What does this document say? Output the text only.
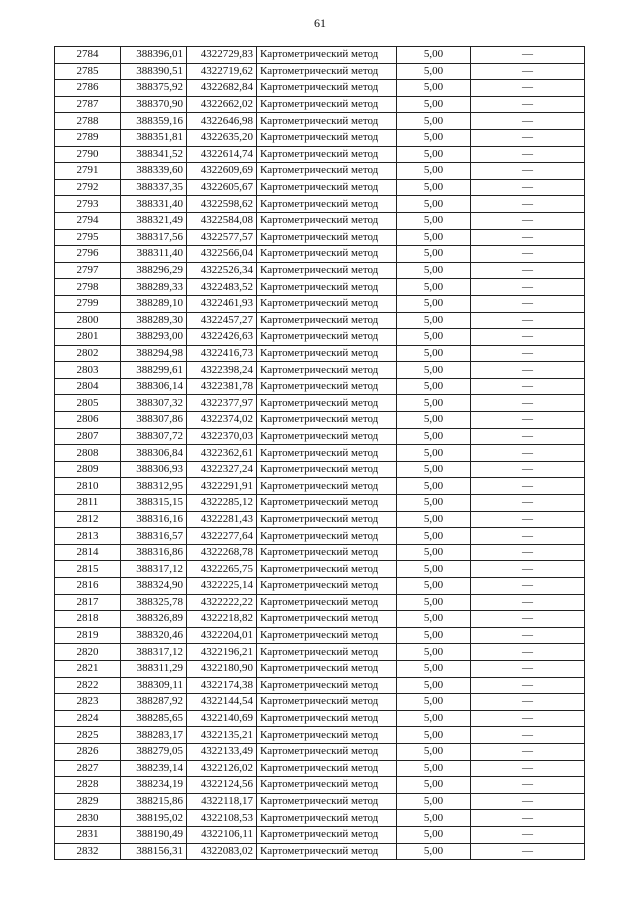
61
2784	388396,01	4322729,83	Картометрический метод	5,00	—
2785	388390,51	4322719,62	Картометрический метод	5,00	—
2786	388375,92	4322682,84	Картометрический метод	5,00	—
2787	388370,90	4322662,02	Картометрический метод	5,00	—
2788	388359,16	4322646,98	Картометрический метод	5,00	—
2789	388351,81	4322635,20	Картометрический метод	5,00	—
2790	388341,52	4322614,74	Картометрический метод	5,00	—
2791	388339,60	4322609,69	Картометрический метод	5,00	—
2792	388337,35	4322605,67	Картометрический метод	5,00	—
2793	388331,40	4322598,62	Картометрический метод	5,00	—
2794	388321,49	4322584,08	Картометрический метод	5,00	—
2795	388317,56	4322577,57	Картометрический метод	5,00	—
2796	388311,40	4322566,04	Картометрический метод	5,00	—
2797	388296,29	4322526,34	Картометрический метод	5,00	—
2798	388289,33	4322483,52	Картометрический метод	5,00	—
2799	388289,10	4322461,93	Картометрический метод	5,00	—
2800	388289,30	4322457,27	Картометрический метод	5,00	—
2801	388293,00	4322426,63	Картометрический метод	5,00	—
2802	388294,98	4322416,73	Картометрический метод	5,00	—
2803	388299,61	4322398,24	Картометрический метод	5,00	—
2804	388306,14	4322381,78	Картометрический метод	5,00	—
2805	388307,32	4322377,97	Картометрический метод	5,00	—
2806	388307,86	4322374,02	Картометрический метод	5,00	—
2807	388307,72	4322370,03	Картометрический метод	5,00	—
2808	388306,84	4322362,61	Картометрический метод	5,00	—
2809	388306,93	4322327,24	Картометрический метод	5,00	—
2810	388312,95	4322291,91	Картометрический метод	5,00	—
2811	388315,15	4322285,12	Картометрический метод	5,00	—
2812	388316,16	4322281,43	Картометрический метод	5,00	—
2813	388316,57	4322277,64	Картометрический метод	5,00	—
2814	388316,86	4322268,78	Картометрический метод	5,00	—
2815	388317,12	4322265,75	Картометрический метод	5,00	—
2816	388324,90	4322225,14	Картометрический метод	5,00	—
2817	388325,78	4322222,22	Картометрический метод	5,00	—
2818	388326,89	4322218,82	Картометрический метод	5,00	—
2819	388320,46	4322204,01	Картометрический метод	5,00	—
2820	388317,12	4322196,21	Картометрический метод	5,00	—
2821	388311,29	4322180,90	Картометрический метод	5,00	—
2822	388309,11	4322174,38	Картометрический метод	5,00	—
2823	388287,92	4322144,54	Картометрический метод	5,00	—
2824	388285,65	4322140,69	Картометрический метод	5,00	—
2825	388283,17	4322135,21	Картометрический метод	5,00	—
2826	388279,05	4322133,49	Картометрический метод	5,00	—
2827	388239,14	4322126,02	Картометрический метод	5,00	—
2828	388234,19	4322124,56	Картометрический метод	5,00	—
2829	388215,86	4322118,17	Картометрический метод	5,00	—
2830	388195,02	4322108,53	Картометрический метод	5,00	—
2831	388190,49	4322106,11	Картометрический метод	5,00	—
2832	388156,31	4322083,02	Картометрический метод	5,00	—
